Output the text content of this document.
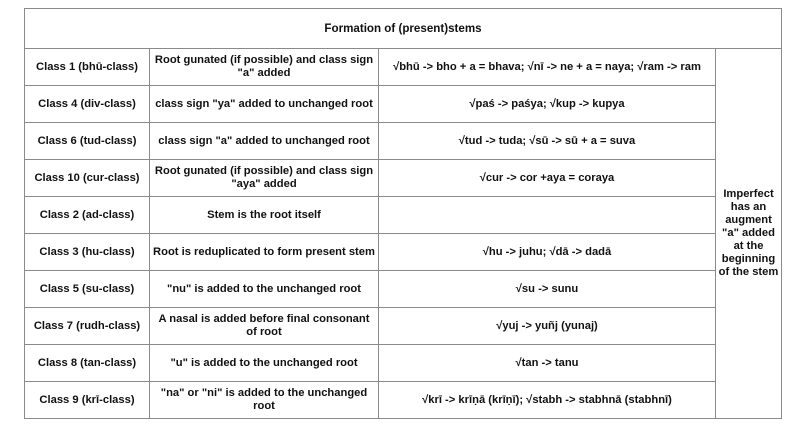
Formation of (present)stems			
Class 1 (bhū-class)	Root gunated (if possible) and class sign "a" added	√bhū -> bho + a = bhava; √nī -> ne + a = naya; √ram -> ram	Imperfect has an augment "a" added at the beginning of the stem
Class 4 (div-class)	class sign "ya" added to unchanged root	√paś -> paśya; √kup -> kupya	
Class 6 (tud-class)	class sign "a" added to unchanged root	√tud -> tuda; √sū -> sū + a = suva	
Class 10 (cur-class)	Root gunated (if possible) and class sign "aya" added	√cur -> cor +aya = coraya	
Class 2 (ad-class)	Stem is the root itself		
Class 3 (hu-class)	Root is reduplicated to form present stem	√hu -> juhu; √dā -> dadā	
Class 5 (su-class)	"nu" is added to the unchanged root	√su -> sunu	
Class 7 (rudh-class)	A nasal is added before final consonant of root	√yuj -> yuñj (yunaj)	
Class 8 (tan-class)	"u" is added to the unchanged root	√tan -> tanu	
Class 9 (krī-class)	"na" or "ni" is added to the unchanged root	√krī -> krīṇā (krīṇī); √stabh -> stabhnā (stabhnī)	
